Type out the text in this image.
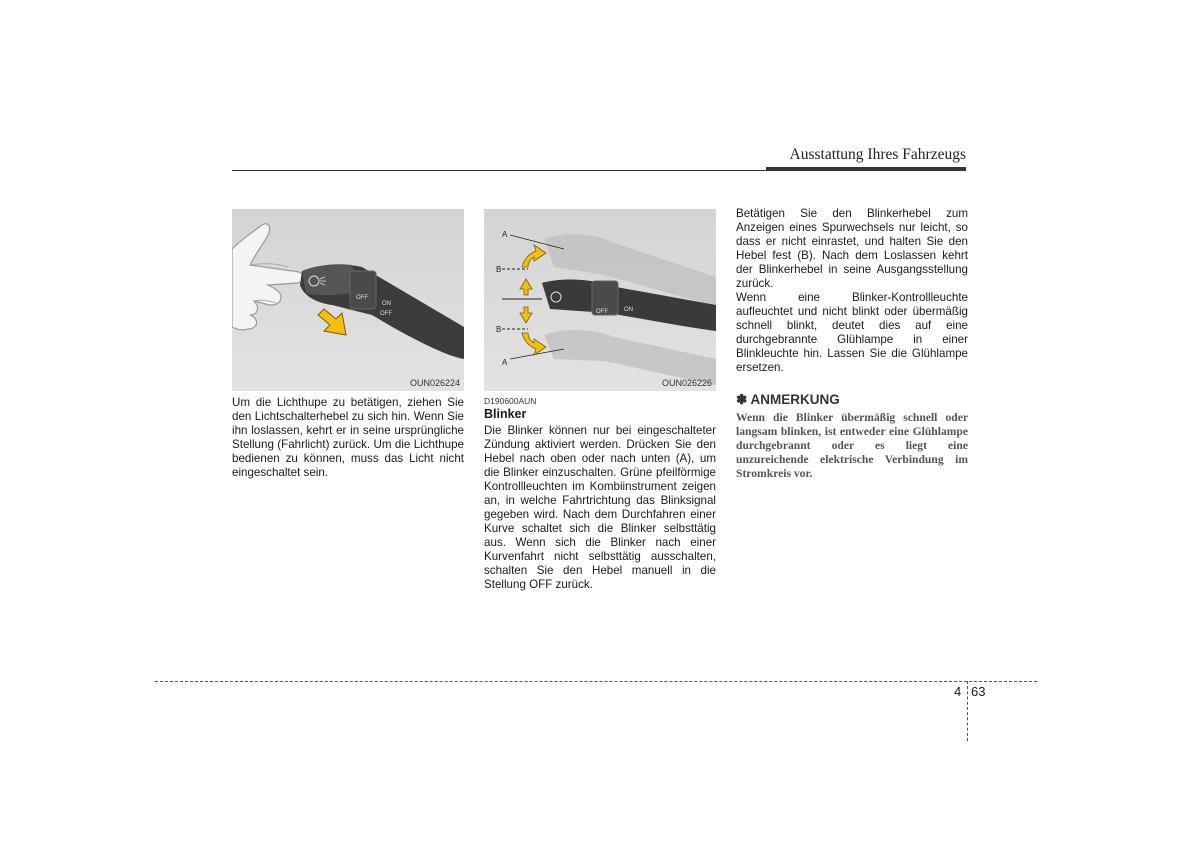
Ausstattung Ihres Fahrzeugs
OFF
ON
OFF
OUN026224
OFF	ON
A
B
B
A
OUN026226
Um die Lichthupe zu betätigen, ziehen Sie den Lichtschalterhebel zu sich hin. Wenn Sie ihn loslassen, kehrt er in seine ursprüngliche Stellung (Fahrlicht) zurück. Um die Lichthupe bedienen zu können, muss das Licht nicht eingeschaltet sein.
D190600AUN
Blinker
Die Blinker können nur bei eingeschalteter Zündung aktiviert werden. Drücken Sie den Hebel nach oben oder nach unten (A), um die Blinker einzuschalten. Grüne pfeilförmige Kontrollleuchten im Kombiinstrument zeigen an, in welche Fahrtrichtung das Blinksignal gegeben wird. Nach dem Durchfahren einer Kurve schaltet sich die Blinker selbsttätig aus. Wenn sich die Blinker nach einer Kurvenfahrt nicht selbsttätig ausschalten, schalten Sie den Hebel manuell in die Stellung OFF zurück.

Betätigen Sie den Blinkerhebel zum Anzeigen eines Spurwechsels nur leicht, so dass er nicht einrastet, und halten Sie den Hebel fest (B). Nach dem Loslassen kehrt der Blinkerhebel in seine Ausgangsstellung zurück.

Wenn eine Blinker-Kontrollleuchte aufleuchtet und nicht blinkt oder übermäßig schnell blinkt, deutet dies auf eine durchgebrannte Glühlampe in einer Blinkleuchte hin. Lassen Sie die Glühlampe ersetzen.

✽ ANMERKUNG
Wenn die Blinker übermäßig schnell oder langsam blinken, ist entweder eine Glühlampe durchgebrannt oder es liegt eine unzureichende elektrische Verbindung im Stromkreis vor.
4 63
